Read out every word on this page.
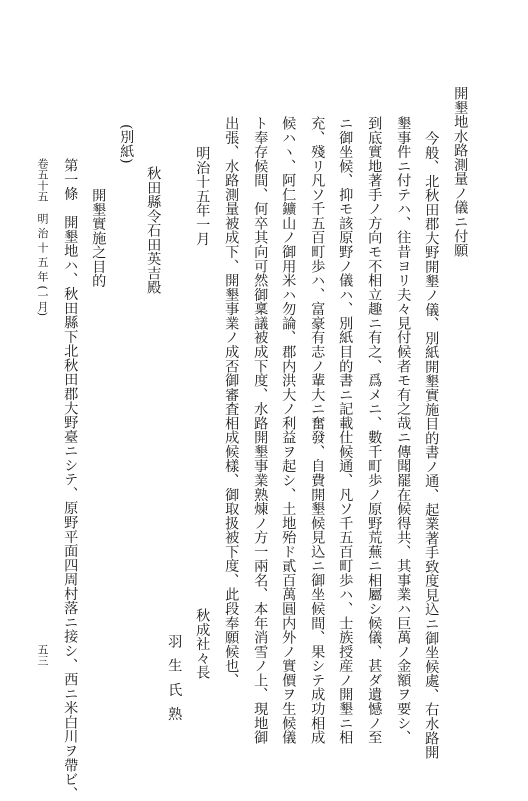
開墾地水路測量ノ儀ニ付願
今般、北秋田郡大野開墾ノ儀、別紙開墾實施目的書ノ通、起業著手致度見込ニ御坐候處、右水路開
墾事件ニ付テハ、往昔ヨリ夫々見付候者モ有之哉ニ傳聞罷在候得共、其事業ハ巨萬ノ金額ヲ要シ、
到底實地著手ノ方向モ不相立趣ニ有之、爲メニ、數千町歩ノ原野荒蕪ニ相屬シ候儀、甚ダ遺憾ノ至
ニ御坐候、抑モ該原野ノ儀ハ、別紙目的書ニ記載仕候通、凡ソ千五百町歩ハ、士族授産ノ開墾ニ相
充、殘リ凡ソ千五百町歩ハ、富豪有志ノ輩大ニ奮發、自費開墾候見込ニ御坐候間、果シテ成功相成
候ハヽ、阿仁鑛山ノ御用米ハ勿論、郡内洪大ノ利益ヲ起シ、土地殆ド貳百萬圓内外ノ實價ヲ生候儀
ト奉存候間、何卒其向可然御稟議被成下度、水路開墾事業熟煉ノ方一兩名、本年消雪ノ上、現地御
出張、水路測量被成下、開墾事業ノ成否御審査相成候樣、御取扱被下度、此段奉願候也、
明治十五年一月
秋成社々長
羽生氏熟
秋田縣令石田英吉殿
(別紙)
開墾實施之目的
第一條　開墾地ハ、秋田縣下北秋田郡大野臺ニシテ、原野平面四周村落ニ接シ、西ニ米白川ヲ帶ビ、
卷五十五　明 治 十 五 年 (一月)
五三
